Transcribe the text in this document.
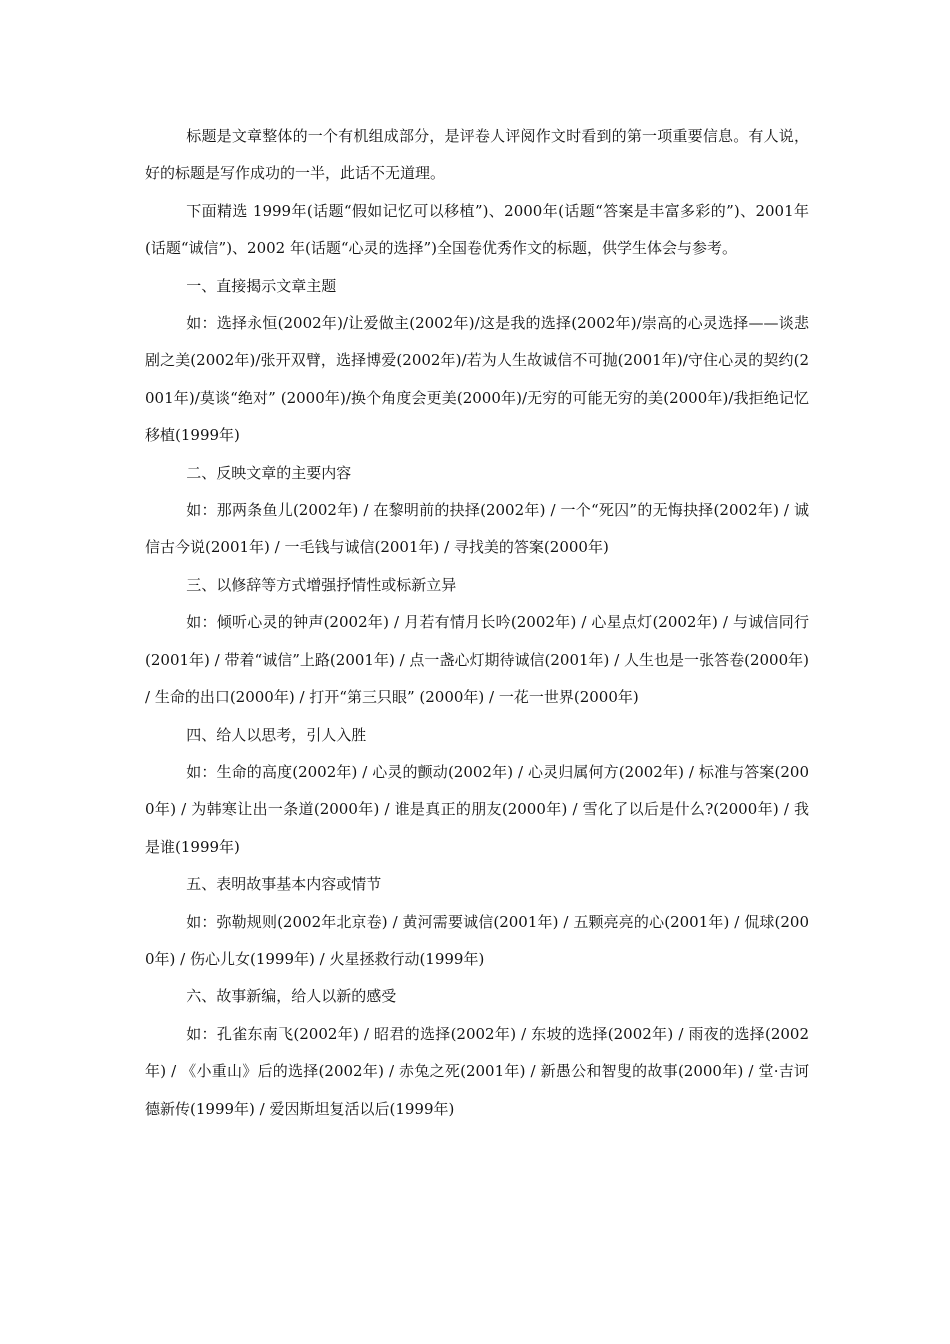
标题是文章整体的一个有机组成部分，是评卷人评阅作文时看到的第一项重要信息。有人说，好的标题是写作成功的一半，此话不无道理。

下面精选 1999年(话题“假如记忆可以移植”)、2000年(话题“答案是丰富多彩的”)、2001年(话题“诚信”)、2002 年(话题“心灵的选择”)全国卷优秀作文的标题，供学生体会与参考。

一、直接揭示文章主题

如：选择永恒(2002年)/让爱做主(2002年)/这是我的选择(2002年)/崇高的心灵选择——谈悲剧之美(2002年)/张开双臂，选择博爱(2002年)/若为人生故诚信不可抛(2001年)/守住心灵的契约(2001年)/莫谈“绝对” (2000年)/换个角度会更美(2000年)/无穷的可能无穷的美(2000年)/我拒绝记忆移植(1999年)

二、反映文章的主要内容

如：那两条鱼儿(2002年) / 在黎明前的抉择(2002年) / 一个“死囚”的无悔抉择(2002年) / 诚信古今说(2001年) / 一毛钱与诚信(2001年) / 寻找美的答案(2000年)

三、以修辞等方式增强抒情性或标新立异

如：倾听心灵的钟声(2002年) / 月若有情月长吟(2002年) / 心星点灯(2002年) / 与诚信同行(2001年) / 带着“诚信”上路(2001年) / 点一盏心灯期待诚信(2001年) / 人生也是一张答卷(2000年) / 生命的出口(2000年) / 打开“第三只眼” (2000年) / 一花一世界(2000年)

四、给人以思考，引人入胜

如：生命的高度(2002年) / 心灵的颤动(2002年) / 心灵归属何方(2002年) / 标准与答案(2000年) / 为韩寒让出一条道(2000年) / 谁是真正的朋友(2000年) / 雪化了以后是什么?(2000年) / 我是谁(1999年)

五、表明故事基本内容或情节

如：弥勒规则(2002年北京卷) / 黄河需要诚信(2001年) / 五颗亮亮的心(2001年) / 侃球(2000年) / 伤心儿女(1999年) / 火星拯救行动(1999年)

六、故事新编，给人以新的感受

如：孔雀东南飞(2002年) / 昭君的选择(2002年) / 东坡的选择(2002年) / 雨夜的选择(2002年) / 《小重山》后的选择(2002年) / 赤兔之死(2001年) / 新愚公和智叟的故事(2000年) / 堂·吉诃德新传(1999年) / 爱因斯坦复活以后(1999年)
